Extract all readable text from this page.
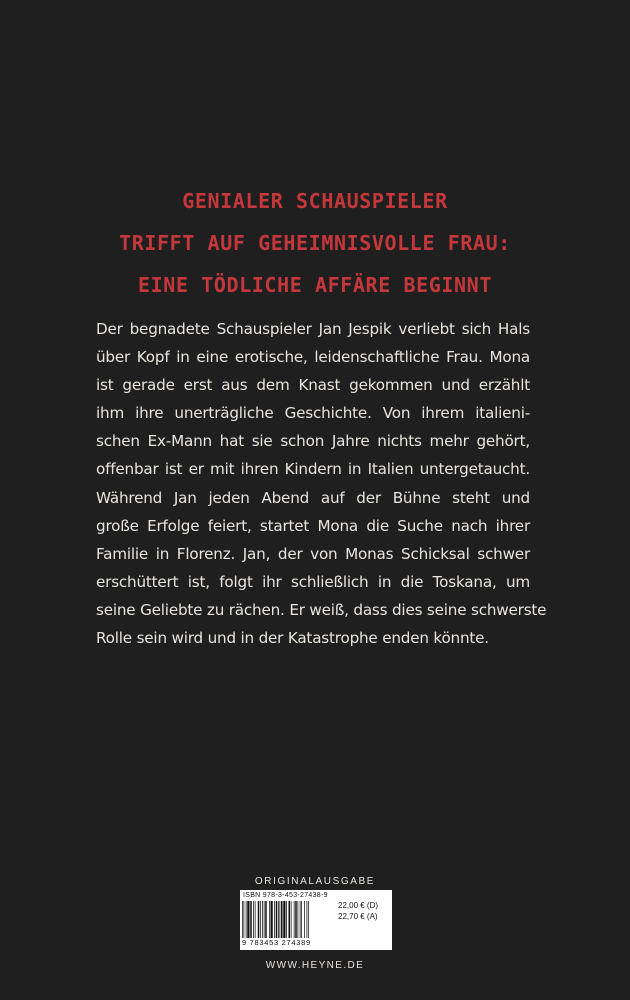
GENIALER SCHAUSPIELER
TRIFFT AUF GEHEIMNISVOLLE FRAU:
EINE TÖDLICHE AFFÄRE BEGINNT
Der begnadete Schauspieler Jan Jespik verliebt sich Hals
über Kopf in eine erotische, leidenschaftliche Frau. Mona
ist gerade erst aus dem Knast gekommen und erzählt
ihm ihre unerträgliche Geschichte. Von ihrem italieni-
schen Ex-Mann hat sie schon Jahre nichts mehr gehört,
offenbar ist er mit ihren Kindern in Italien untergetaucht.
Während Jan jeden Abend auf der Bühne steht und
große Erfolge feiert, startet Mona die Suche nach ihrer
Familie in Florenz. Jan, der von Monas Schicksal schwer
erschüttert ist, folgt ihr schließlich in die Toskana, um
seine Geliebte zu rächen. Er weiß, dass dies seine schwerste
Rolle sein wird und in der Katastrophe enden könnte.
ORIGINALAUSGABE
ISBN 978-3-453-27438-9
9 783453 274389
22,00 € (D)
22,70 € (A)
WWW.HEYNE.DE
